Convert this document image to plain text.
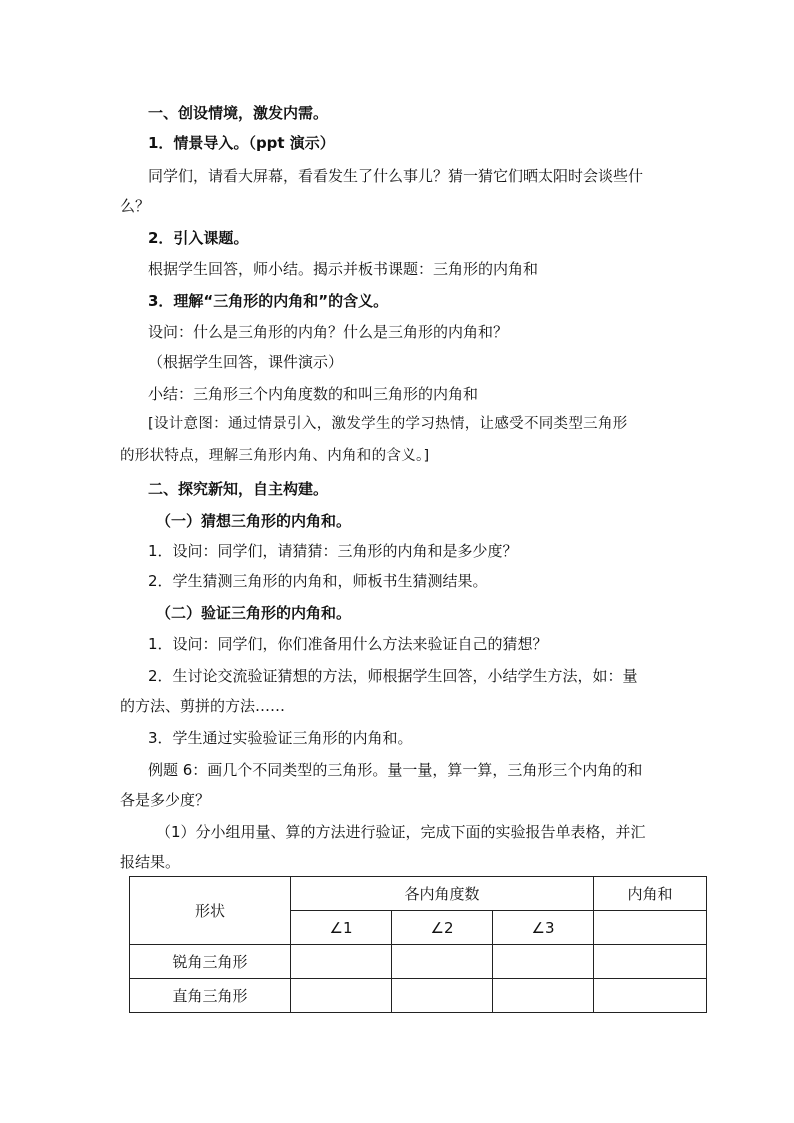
一、创设情境，激发内需。
1．情景导入。（ppt 演示）
同学们，请看大屏幕，看看发生了什么事儿？猜一猜它们晒太阳时会谈些什
么？
2．引入课题。
根据学生回答，师小结。揭示并板书课题：三角形的内角和
3．理解“三角形的内角和”的含义。
设问：什么是三角形的内角？什么是三角形的内角和？
（根据学生回答，课件演示）
小结：三角形三个内角度数的和叫三角形的内角和
[设计意图：通过情景引入，激发学生的学习热情，让感受不同类型三角形
的形状特点，理解三角形内角、内角和的含义。]
二、探究新知，自主构建。
（一）猜想三角形的内角和。
1．设问：同学们，请猜猜：三角形的内角和是多少度？
2．学生猜测三角形的内角和，师板书生猜测结果。
（二）验证三角形的内角和。
1．设问：同学们，你们准备用什么方法来验证自己的猜想？
2．生讨论交流验证猜想的方法，师根据学生回答，小结学生方法，如：量
的方法、剪拼的方法……
3．学生通过实验验证三角形的内角和。
例题 6：画几个不同类型的三角形。量一量，算一算，三角形三个内角的和
各是多少度？
（1）分小组用量、算的方法进行验证，完成下面的实验报告单表格，并汇
报结果。
形状	各内角度数			内角和
	∠1	∠2	∠3	
锐角三角形				
直角三角形				
